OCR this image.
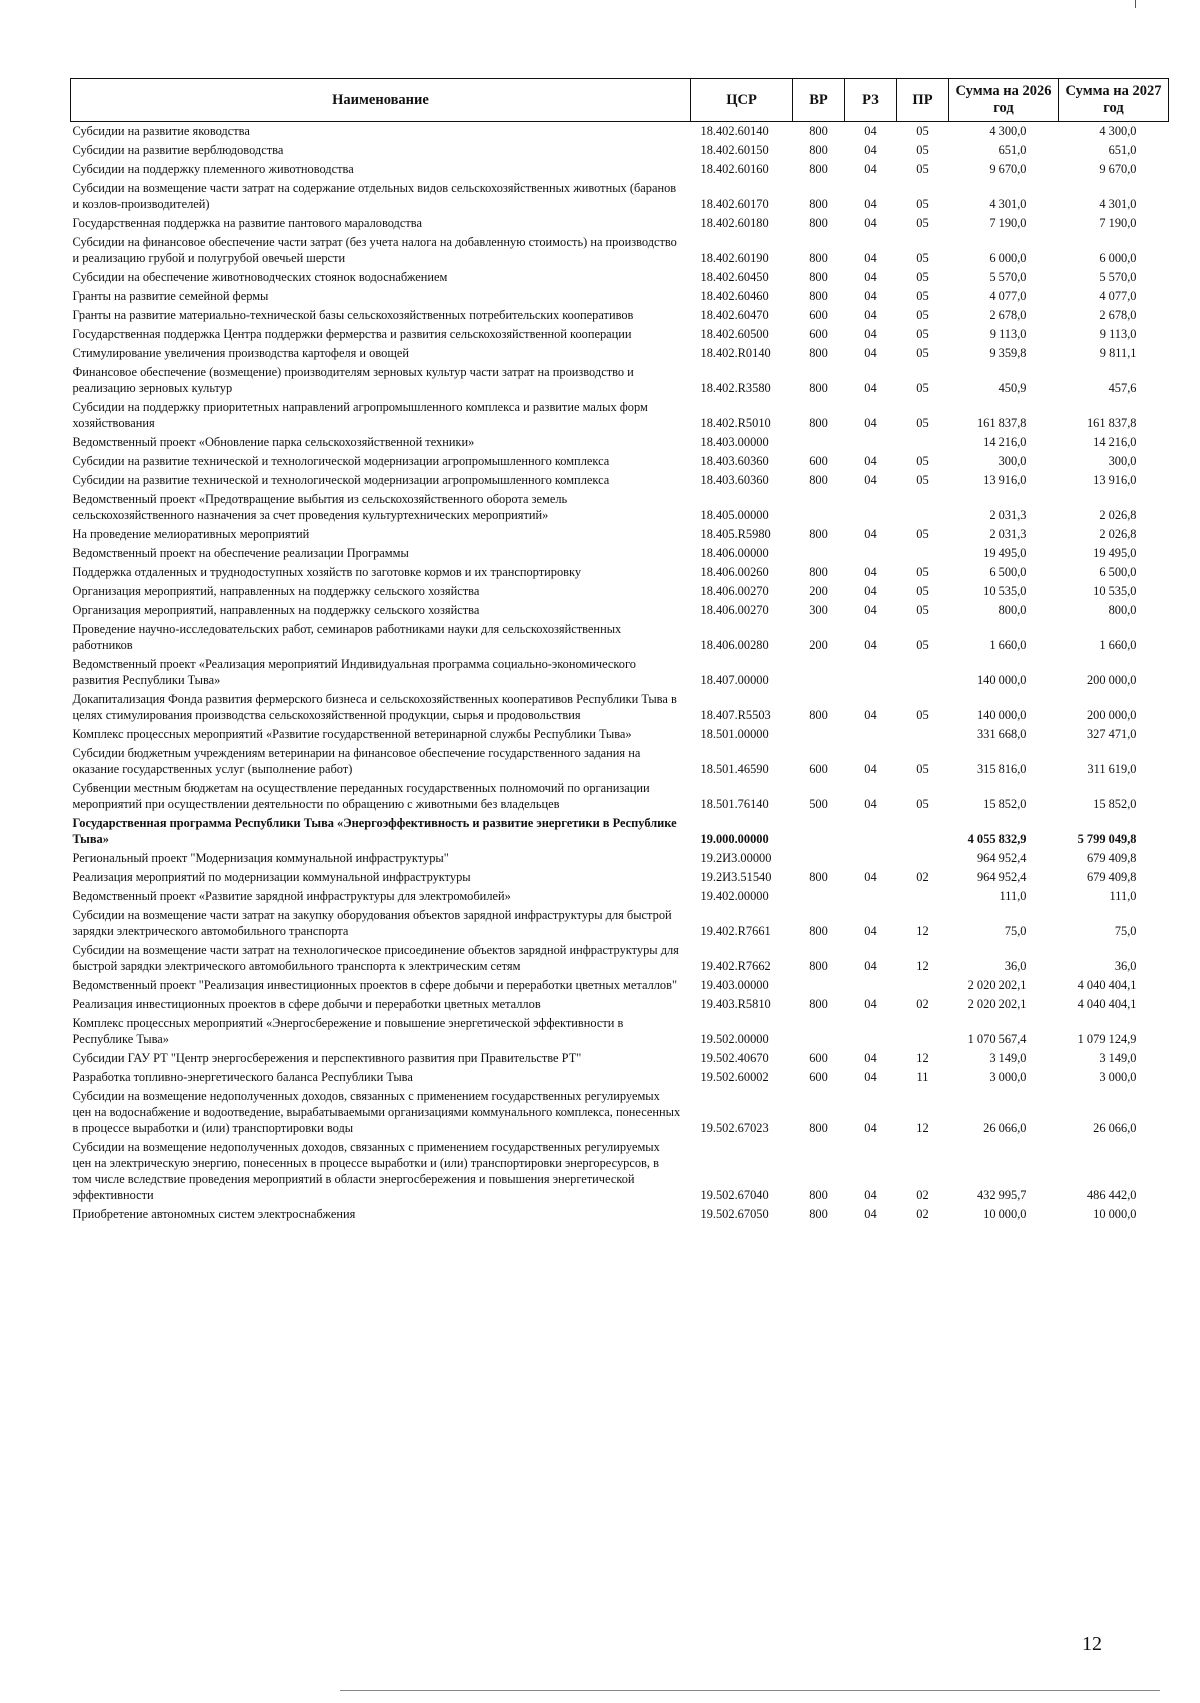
Наименование	ЦСР	ВР	РЗ	ПР	Сумма на 2026 год	Сумма на 2027 год
Субсидии на развитие яководства	18.402.60140	800	04	05	4 300,0	4 300,0
Субсидии на развитие верблюдоводства	18.402.60150	800	04	05	651,0	651,0
Субсидии на поддержку племенного животноводства	18.402.60160	800	04	05	9 670,0	9 670,0
Субсидии на возмещение части затрат на содержание отдельных видов сельскохозяйственных животных (баранов и козлов-производителей)	18.402.60170	800	04	05	4 301,0	4 301,0
Государственная поддержка на развитие пантового мараловодства	18.402.60180	800	04	05	7 190,0	7 190,0
Субсидии на финансовое обеспечение части затрат (без учета налога на добавленную стоимость) на производство и реализацию грубой и полугрубой овечьей шерсти	18.402.60190	800	04	05	6 000,0	6 000,0
Субсидии на обеспечение животноводческих стоянок водоснабжением	18.402.60450	800	04	05	5 570,0	5 570,0
Гранты на развитие семейной фермы	18.402.60460	800	04	05	4 077,0	4 077,0
Гранты на развитие материально-технической базы сельскохозяйственных потребительских кооперативов	18.402.60470	600	04	05	2 678,0	2 678,0
Государственная поддержка Центра поддержки фермерства и развития сельскохозяйственной кооперации	18.402.60500	600	04	05	9 113,0	9 113,0
Стимулирование увеличения производства картофеля и овощей	18.402.R0140	800	04	05	9 359,8	9 811,1
Финансовое обеспечение (возмещение) производителям зерновых культур части затрат на производство и реализацию зерновых культур	18.402.R3580	800	04	05	450,9	457,6
Субсидии на поддержку приоритетных направлений агропромышленного комплекса и развитие малых форм хозяйствования	18.402.R5010	800	04	05	161 837,8	161 837,8
Ведомственный проект «Обновление парка сельскохозяйственной техники»	18.403.00000				14 216,0	14 216,0
Субсидии на развитие технической и технологической модернизации агропромышленного комплекса	18.403.60360	600	04	05	300,0	300,0
Субсидии на развитие технической и технологической модернизации агропромышленного комплекса	18.403.60360	800	04	05	13 916,0	13 916,0
Ведомственный проект «Предотвращение выбытия из сельскохозяйственного оборота земель сельскохозяйственного назначения за счет проведения культуртехнических мероприятий»	18.405.00000				2 031,3	2 026,8
На проведение мелиоративных мероприятий	18.405.R5980	800	04	05	2 031,3	2 026,8
Ведомственный проект на обеспечение реализации Программы	18.406.00000				19 495,0	19 495,0
Поддержка отдаленных и труднодоступных хозяйств по заготовке кормов и их транспортировку	18.406.00260	800	04	05	6 500,0	6 500,0
Организация мероприятий, направленных на поддержку сельского хозяйства	18.406.00270	200	04	05	10 535,0	10 535,0
Организация мероприятий, направленных на поддержку сельского хозяйства	18.406.00270	300	04	05	800,0	800,0
Проведение научно-исследовательских работ, семинаров работниками науки для сельскохозяйственных работников	18.406.00280	200	04	05	1 660,0	1 660,0
Ведомственный проект «Реализация мероприятий Индивидуальная программа социально-экономического развития Республики Тыва»	18.407.00000				140 000,0	200 000,0
Докапитализация Фонда развития фермерского бизнеса и сельскохозяйственных кооперативов Республики Тыва в целях стимулирования производства сельскохозяйственной продукции, сырья и продовольствия	18.407.R5503	800	04	05	140 000,0	200 000,0
Комплекс процессных мероприятий «Развитие государственной ветеринарной службы Республики Тыва»	18.501.00000				331 668,0	327 471,0
Субсидии бюджетным учреждениям ветеринарии на финансовое обеспечение государственного задания на оказание государственных услуг (выполнение работ)	18.501.46590	600	04	05	315 816,0	311 619,0
Субвенции местным бюджетам на осуществление переданных государственных полномочий по организации мероприятий при осуществлении деятельности по обращению с животными без владельцев	18.501.76140	500	04	05	15 852,0	15 852,0
Государственная программа Республики Тыва «Энергоэффективность и развитие энергетики в Республике Тыва»	19.000.00000				4 055 832,9	5 799 049,8
Региональный проект "Модернизация коммунальной инфраструктуры"	19.2И3.00000				964 952,4	679 409,8
Реализация мероприятий по модернизации коммунальной инфраструктуры	19.2И3.51540	800	04	02	964 952,4	679 409,8
Ведомственный проект «Развитие зарядной инфраструктуры для электромобилей»	19.402.00000				111,0	111,0
Субсидии на возмещение части затрат на закупку оборудования объектов зарядной инфраструктуры для быстрой зарядки электрического автомобильного транспорта	19.402.R7661	800	04	12	75,0	75,0
Субсидии на возмещение части затрат на технологическое присоединение объектов зарядной инфраструктуры для быстрой зарядки электрического автомобильного транспорта к электрическим сетям	19.402.R7662	800	04	12	36,0	36,0
Ведомственный проект "Реализация инвестиционных проектов в сфере добычи и переработки цветных металлов"	19.403.00000				2 020 202,1	4 040 404,1
Реализация инвестиционных проектов в сфере добычи и переработки цветных металлов	19.403.R5810	800	04	02	2 020 202,1	4 040 404,1
Комплекс процессных мероприятий «Энергосбережение и повышение энергетической эффективности в Республике Тыва»	19.502.00000				1 070 567,4	1 079 124,9
Субсидии ГАУ РТ "Центр энергосбережения и перспективного развития при Правительстве РТ"	19.502.40670	600	04	12	3 149,0	3 149,0
Разработка топливно-энергетического баланса Республики Тыва	19.502.60002	600	04	11	3 000,0	3 000,0
Субсидии на возмещение недополученных доходов, связанных с применением государственных регулируемых цен на водоснабжение и водоотведение, вырабатываемыми организациями коммунального комплекса, понесенных в процессе выработки и (или) транспортировки воды	19.502.67023	800	04	12	26 066,0	26 066,0
Субсидии на возмещение недополученных доходов, связанных с применением государственных регулируемых цен на электрическую энергию, понесенных в процессе выработки и (или) транспортировки энергоресурсов, в том числе вследствие проведения мероприятий в области энергосбережения и повышения энергетической эффективности	19.502.67040	800	04	02	432 995,7	486 442,0
Приобретение автономных систем электроснабжения	19.502.67050	800	04	02	10 000,0	10 000,0
12
